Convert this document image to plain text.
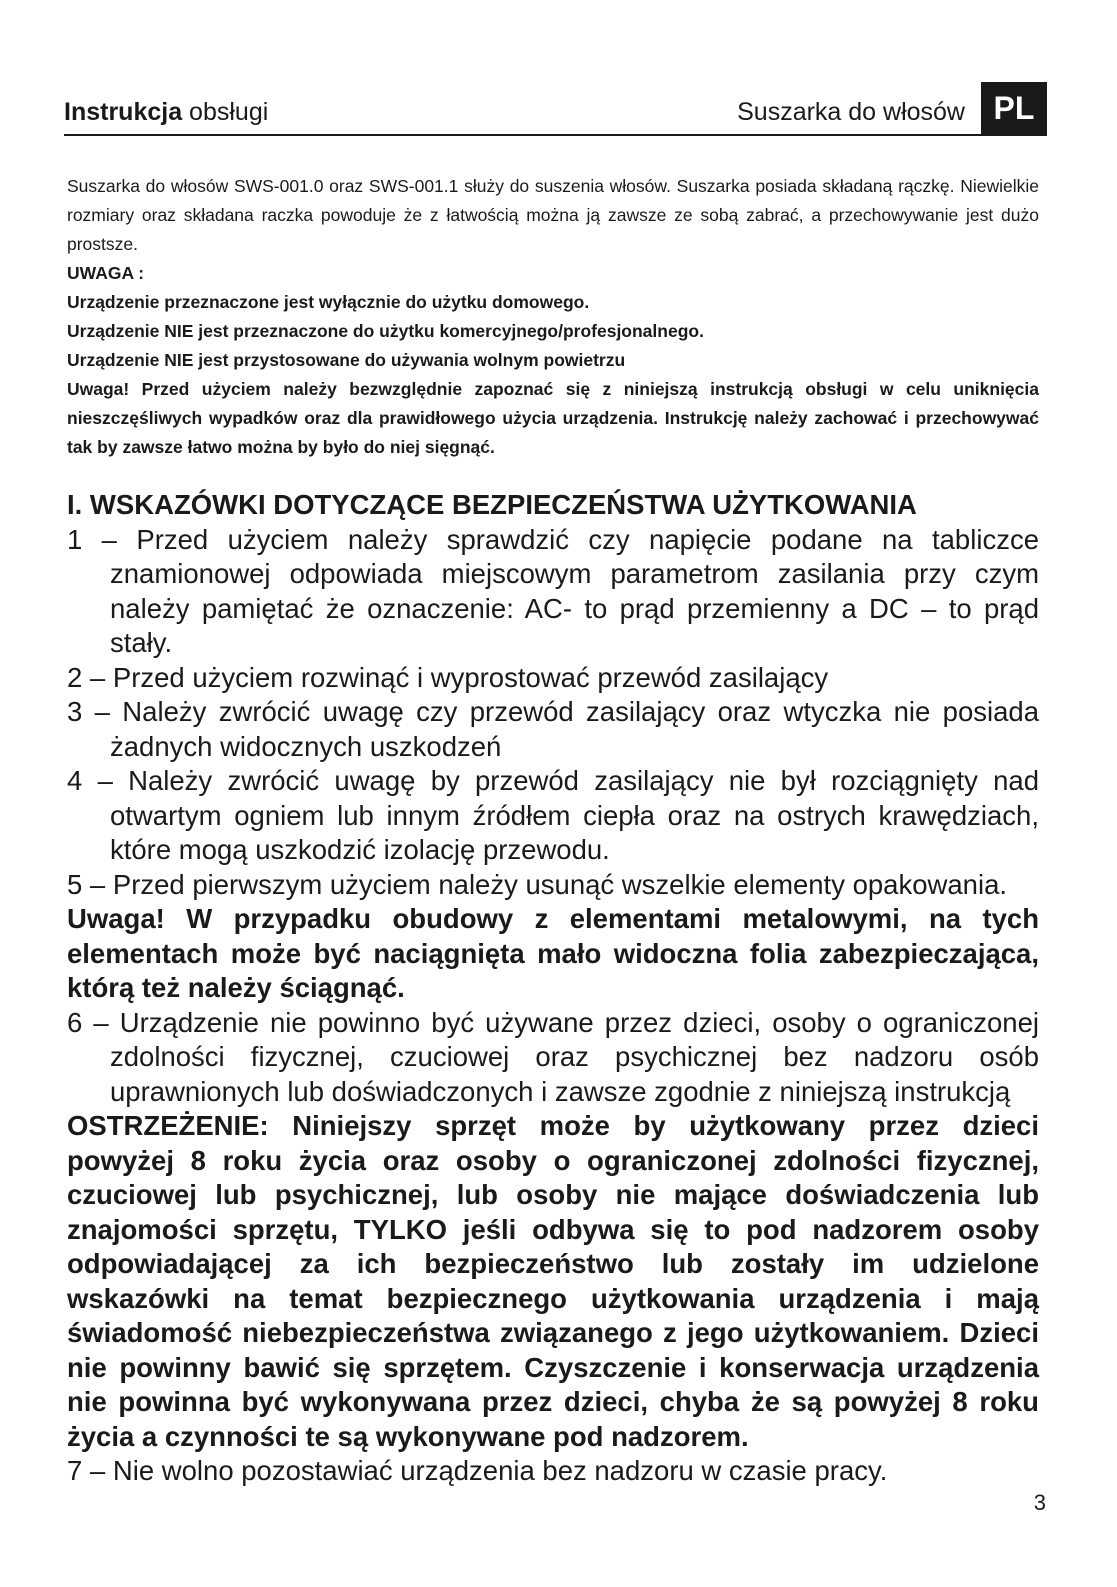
Instrukcja obsługi	Suszarka do włosów PL

Suszarka do włosów SWS-001.0 oraz SWS-001.1 służy do suszenia włosów. Suszarka posiada składaną rączkę. Niewielkie rozmiary oraz składana raczka powoduje że z łatwością można ją zawsze ze sobą zabrać, a przechowywanie jest dużo prostsze.

UWAGA :

Urządzenie przeznaczone jest wyłącznie do użytku domowego.

Urządzenie NIE jest przeznaczone do użytku komercyjnego/profesjonalnego.

Urządzenie NIE jest przystosowane do używania wolnym powietrzu

Uwaga! Przed użyciem należy bezwzględnie zapoznać się z niniejszą instrukcją obsługi w celu uniknięcia nieszczęśliwych wypadków oraz dla prawidłowego użycia urządzenia. Instrukcję należy zachować i przechowywać tak by zawsze łatwo można by było do niej sięgnąć.

I. WSKAZÓWKI DOTYCZĄCE BEZPIECZEŃSTWA UŻYTKOWANIA

1 – Przed użyciem należy sprawdzić czy napięcie podane na tabliczce znamionowej odpowiada miejscowym parametrom zasilania przy czym należy pamiętać że oznaczenie: AC- to prąd przemienny a DC – to prąd stały.

2 – Przed użyciem rozwinąć i wyprostować przewód zasilający

3 – Należy zwrócić uwagę czy przewód zasilający oraz wtyczka nie posiada żadnych widocznych uszkodzeń

4 – Należy zwrócić uwagę by przewód zasilający nie był rozciągnięty nad otwartym ogniem lub innym źródłem ciepła oraz na ostrych krawędziach, które mogą uszkodzić izolację przewodu.

5 – Przed pierwszym użyciem należy usunąć wszelkie elementy opakowania.

Uwaga! W przypadku obudowy z elementami metalowymi, na tych elementach może być naciągnięta mało widoczna folia zabezpieczająca, którą też należy ściągnąć.

6 – Urządzenie nie powinno być używane przez dzieci, osoby o ograniczonej zdolności fizycznej, czuciowej oraz psychicznej bez nadzoru osób uprawnionych lub doświadczonych i zawsze zgodnie z niniejszą instrukcją

OSTRZEŻENIE: Niniejszy sprzęt może by użytkowany przez dzieci powyżej 8 roku życia oraz osoby o ograniczonej zdolności fizycznej, czuciowej lub psychicznej, lub osoby nie mające doświadczenia lub znajomości sprzętu, TYLKO jeśli odbywa się to pod nadzorem osoby odpowiadającej za ich bezpieczeństwo lub zostały im udzielone wskazówki na temat bezpiecznego użytkowania urządzenia i mają świadomość niebezpieczeństwa związanego z jego użytkowaniem. Dzieci nie powinny bawić się sprzętem. Czyszczenie i konserwacja urządzenia nie powinna być wykonywana przez dzieci, chyba że są powyżej 8 roku życia a czynności te są wykonywane pod nadzorem.

7 – Nie wolno pozostawiać urządzenia bez nadzoru w czasie pracy.

3
